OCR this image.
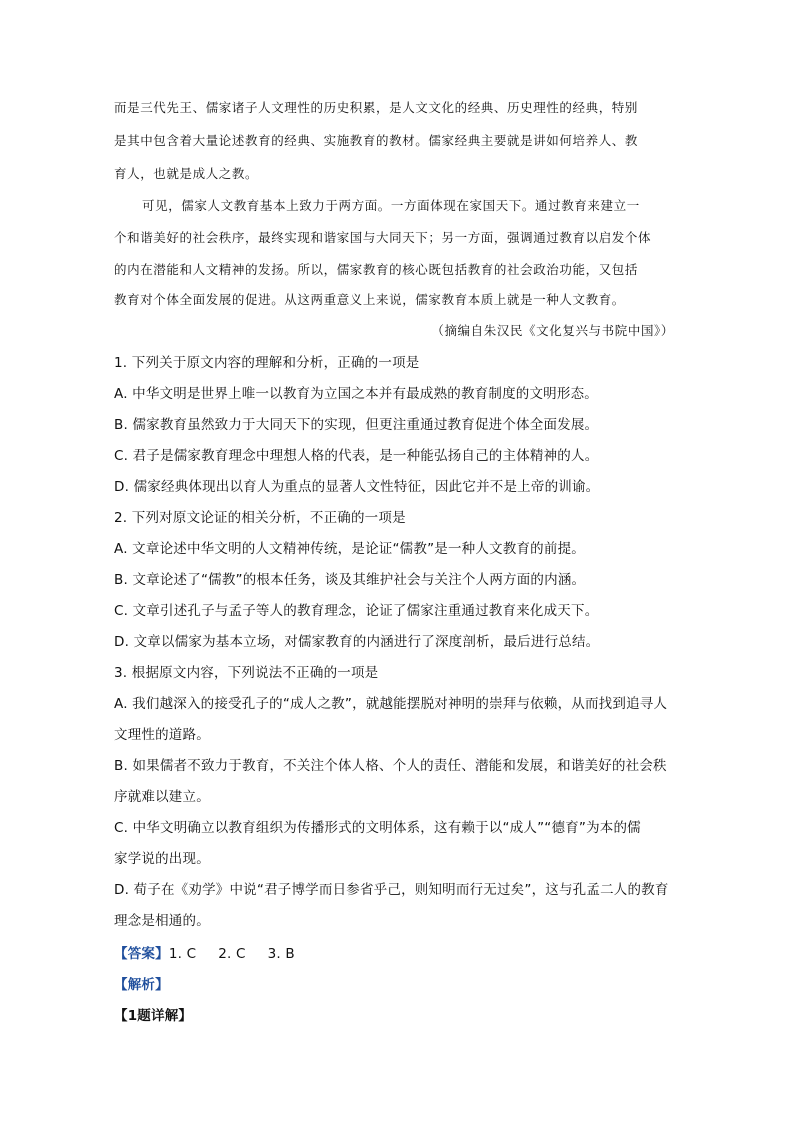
而是三代先王、儒家诸子人文理性的历史积累，是人文文化的经典、历史理性的经典，特别
是其中包含着大量论述教育的经典、实施教育的教材。儒家经典主要就是讲如何培养人、教
育人，也就是成人之教。
可见，儒家人文教育基本上致力于两方面。一方面体现在家国天下。通过教育来建立一
个和谐美好的社会秩序，最终实现和谐家国与大同天下；另一方面，强调通过教育以启发个体
的内在潜能和人文精神的发扬。所以，儒家教育的核心既包括教育的社会政治功能，又包括
教育对个体全面发展的促进。从这两重意义上来说，儒家教育本质上就是一种人文教育。
（摘编自朱汉民《文化复兴与书院中国》）
1. 下列关于原文内容的理解和分析，正确的一项是
A. 中华文明是世界上唯一以教育为立国之本并有最成熟的教育制度的文明形态。
B. 儒家教育虽然致力于大同天下的实现，但更注重通过教育促进个体全面发展。
C. 君子是儒家教育理念中理想人格的代表，是一种能弘扬自己的主体精神的人。
D. 儒家经典体现出以育人为重点的显著人文性特征，因此它并不是上帝的训谕。
2. 下列对原文论证的相关分析，不正确的一项是
A. 文章论述中华文明的人文精神传统，是论证“儒教”是一种人文教育的前提。
B. 文章论述了“儒教”的根本任务，谈及其维护社会与关注个人两方面的内涵。
C. 文章引述孔子与孟子等人的教育理念，论证了儒家注重通过教育来化成天下。
D. 文章以儒家为基本立场，对儒家教育的内涵进行了深度剖析，最后进行总结。
3. 根据原文内容，下列说法不正确的一项是
A. 我们越深入的接受孔子的“成人之教”，就越能摆脱对神明的崇拜与依赖，从而找到追寻人
文理性的道路。
B. 如果儒者不致力于教育，不关注个体人格、个人的责任、潜能和发展，和谐美好的社会秩
序就难以建立。
C. 中华文明确立以教育组织为传播形式的文明体系，这有赖于以“成人”“德育”为本的儒
家学说的出现。
D. 荀子在《劝学》中说“君子博学而日参省乎己，则知明而行无过矣”，这与孔孟二人的教育
理念是相通的。
【答案】1. C 2. C 3. B
【解析】
【1题详解】
